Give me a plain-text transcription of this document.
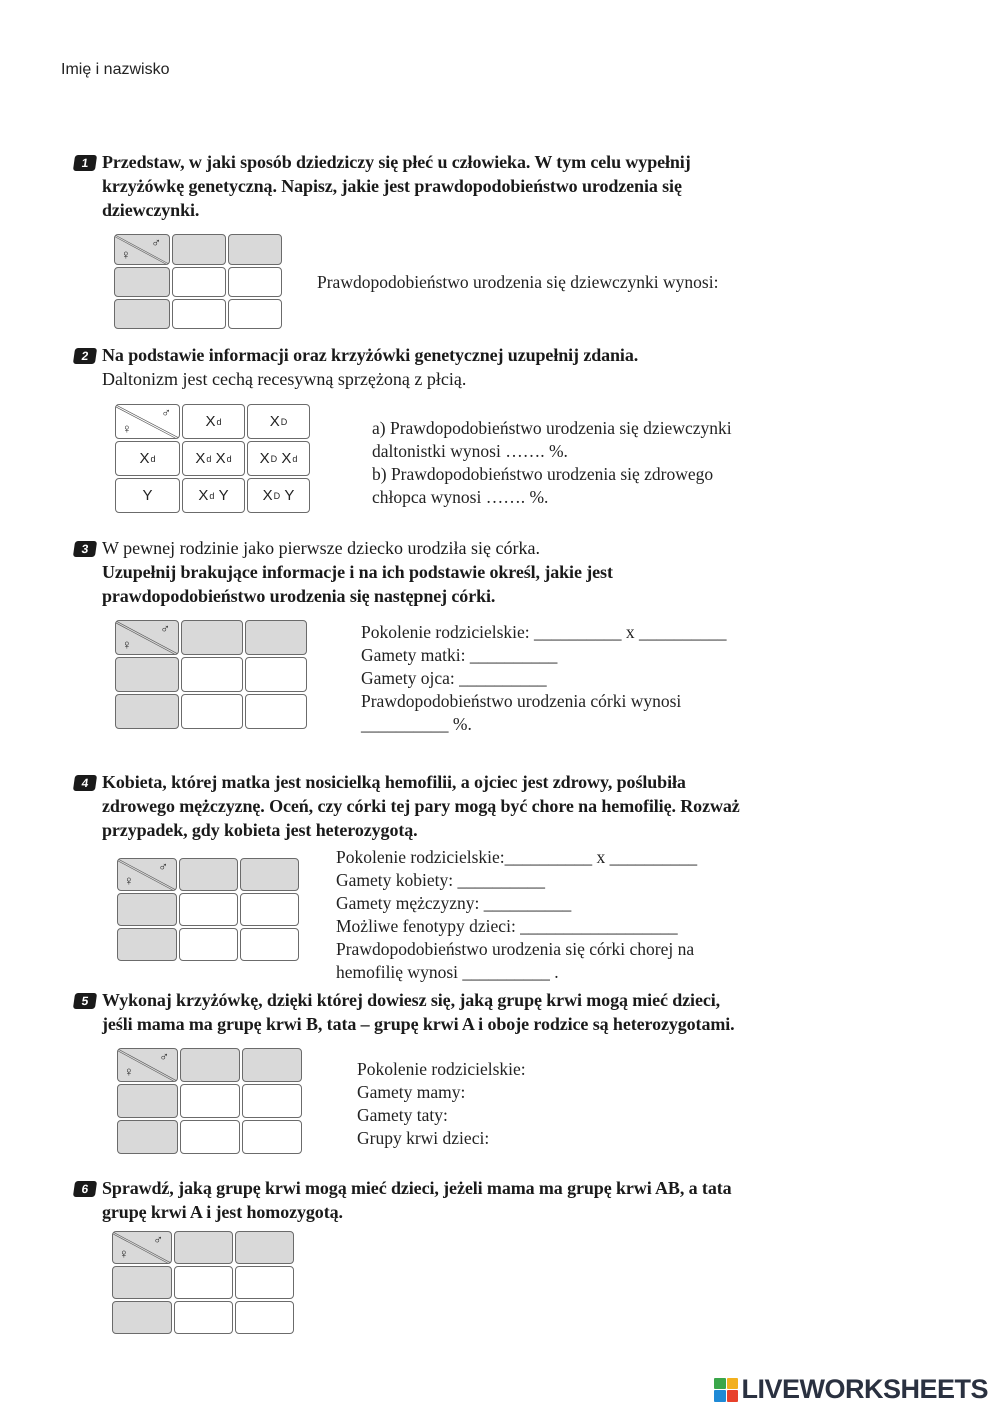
Imię i nazwisko
1 Przedstaw, w jaki sposób dziedziczy się płeć u człowieka. W tym celu wypełnij
krzyżówkę genetyczną. Napisz, jakie jest prawdopodobieństwo urodzenia się
dziewczynki.
♀
♂
Prawdopodobieństwo urodzenia się dziewczynki wynosi:
2 Na podstawie informacji oraz krzyżówki genetycznej uzupełnij zdania.
Daltonizm jest cechą recesywną sprzężoną z płcią.
♀
♂
X d	X D
X d	X d X d	X D X d
Y	X d Y	X D Y
a) Prawdopodobieństwo urodzenia się dziewczynki
daltonistki wynosi ……. %.
b) Prawdopodobieństwo urodzenia się zdrowego
chłopca wynosi ……. %.
3 W pewnej rodzinie jako pierwsze dziecko urodziła się córka.
Uzupełnij brakujące informacje i na ich podstawie określ, jakie jest
prawdopodobieństwo urodzenia się następnej córki.
♀
♂	Pokolenie rodzicielskie: __________ x __________
Gamety matki: __________
Gamety ojca: __________
Prawdopodobieństwo urodzenia córki wynosi
__________ %.
4 Kobieta, której matka jest nosicielką hemofilii, a ojciec jest zdrowy, poślubiła
zdrowego mężczyznę. Oceń, czy córki tej pary mogą być chore na hemofilię. Rozważ
przypadek, gdy kobieta jest heterozygotą.
♀
♂	Pokolenie rodzicielskie:__________ x __________
Gamety kobiety: __________
Gamety mężczyzny: __________
Możliwe fenotypy dzieci: __________________
Prawdopodobieństwo urodzenia się córki chorej na
hemofilię wynosi __________ .
5 Wykonaj krzyżówkę, dzięki której dowiesz się, jaką grupę krwi mogą mieć dzieci,
jeśli mama ma grupę krwi B, tata – grupę krwi A i oboje rodzice są heterozygotami.
♀
♂
Pokolenie rodzicielskie:
Gamety mamy:
Gamety taty:
Grupy krwi dzieci:
6 Sprawdź, jaką grupę krwi mogą mieć dzieci, jeżeli mama ma grupę krwi AB, a tata
grupę krwi A i jest homozygotą.
♀
♂
LIVEWORKSHEETS
